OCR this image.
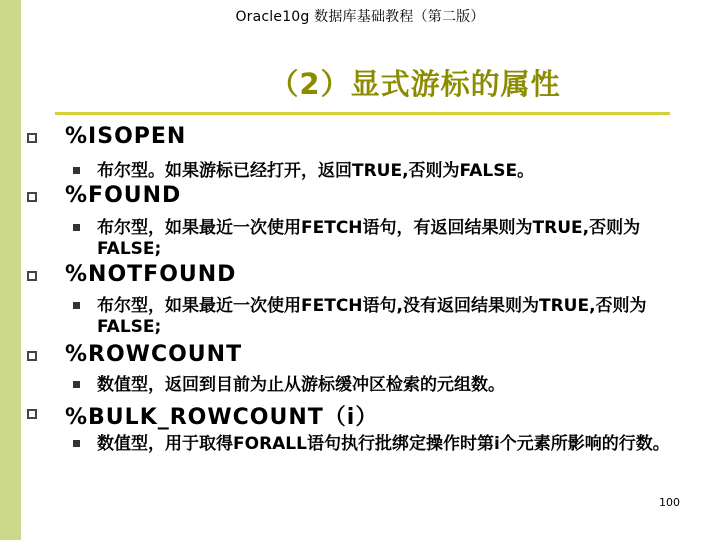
Oracle10g 数据库基础教程（第二版）
（2）显式游标的属性
%ISOPEN
布尔型。如果游标已经打开，返回TRUE,否则为FALSE。
%FOUND
布尔型，如果最近一次使用FETCH语句，有返回结果则为TRUE,否则为FALSE;
%NOTFOUND
布尔型，如果最近一次使用FETCH语句,没有返回结果则为TRUE,否则为FALSE;
%ROWCOUNT
数值型，返回到目前为止从游标缓冲区检索的元组数。
%BULK_ROWCOUNT（i）
数值型，用于取得FORALL语句执行批绑定操作时第i个元素所影响的行数。
100
